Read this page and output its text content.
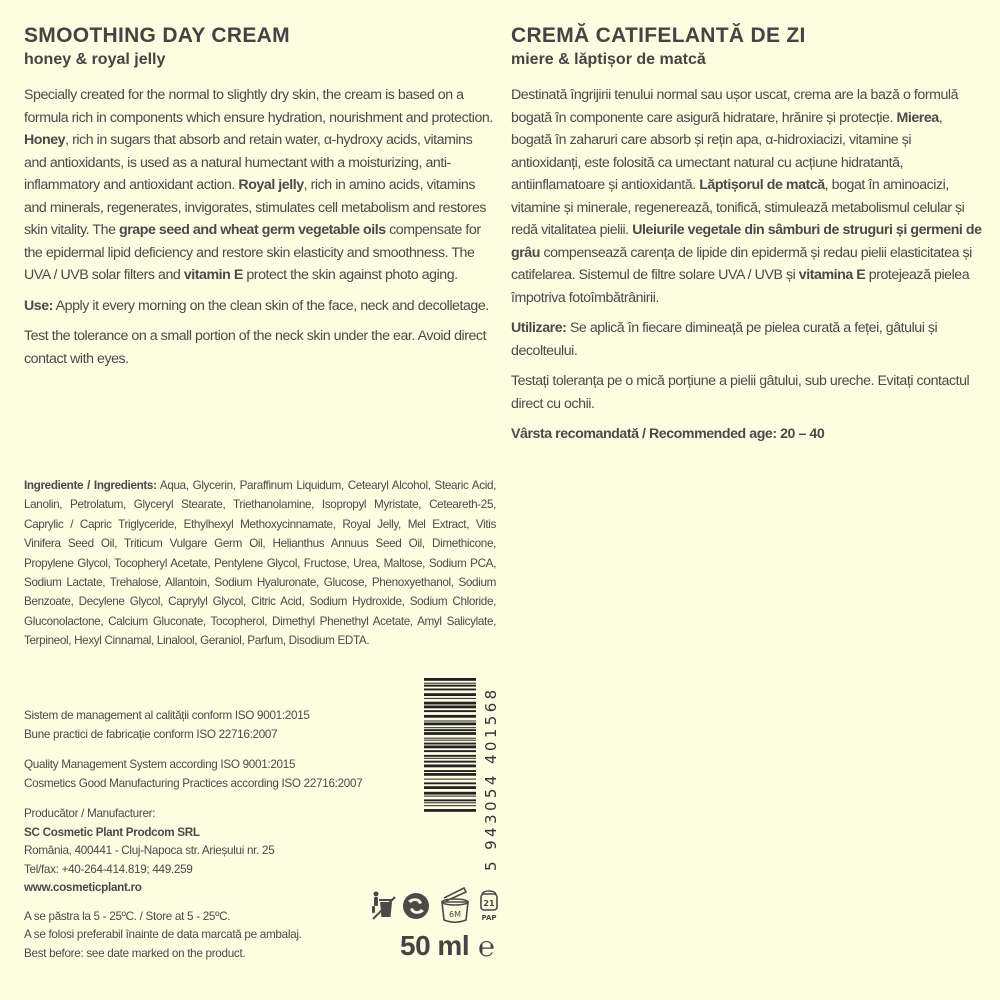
SMOOTHING DAY CREAM
honey & royal jelly

Specially created for the normal to slightly dry skin, the cream is based on a formula rich in components which ensure hydration, nourishment and protection. Honey, rich in sugars that absorb and retain water, α-hydroxy acids, vitamins and antioxidants, is used as a natural humectant with a moisturizing, anti-inflammatory and antioxidant action. Royal jelly, rich in amino acids, vitamins and minerals, regenerates, invigorates, stimulates cell metabolism and restores skin vitality. The grape seed and wheat germ vegetable oils compensate for the epidermal lipid deficiency and restore skin elasticity and smoothness. The UVA / UVB solar filters and vitamin E protect the skin against photo aging.

Use: Apply it every morning on the clean skin of the face, neck and decolletage.

Test the tolerance on a small portion of the neck skin under the ear. Avoid direct contact with eyes.

CREMĂ CATIFELANTĂ DE ZI
miere & lăptișor de matcă

Destinată îngrijirii tenului normal sau ușor uscat, crema are la bază o formulă bogată în componente care asigură hidratare, hrănire și protecție. Mierea, bogată în zaharuri care absorb și rețin apa, α-hidroxiacizi, vitamine și antioxidanți, este folosită ca umectant natural cu acțiune hidratantă, antiinflamatoare și antioxidantă. Lăptișorul de matcă, bogat în aminoacizi, vitamine și minerale, regenerează, tonifică, stimulează metabolismul celular și redă vitalitatea pielii. Uleiurile vegetale din sâmburi de struguri și germeni de grâu compensează carența de lipide din epidermă și redau pielii elasticitatea și catifelarea. Sistemul de filtre solare UVA / UVB și vitamina E protejează pielea împotriva fotoîmbătrânirii.

Utilizare: Se aplică în fiecare dimineață pe pielea curată a feței, gâtului și decolteului.

Testați toleranța pe o mică porțiune a pielii gâtului, sub ureche. Evitați contactul direct cu ochii.

Vârsta recomandată / Recommended age: 20 – 40

Ingrediente / Ingredients: Aqua, Glycerin, Paraffinum Liquidum, Cetearyl Alcohol, Stearic Acid, Lanolin, Petrolatum, Glyceryl Stearate, Triethanolamine, Isopropyl Myristate, Ceteareth-25, Caprylic / Capric Triglyceride, Ethylhexyl Methoxycinnamate, Royal Jelly, Mel Extract, Vitis Vinifera Seed Oil, Triticum Vulgare Germ Oil, Helianthus Annuus Seed Oil, Dimethicone, Propylene Glycol, Tocopheryl Acetate, Pentylene Glycol, Fructose, Urea, Maltose, Sodium PCA, Sodium Lactate, Trehalose, Allantoin, Sodium Hyaluronate, Glucose, Phenoxyethanol, Sodium Benzoate, Decylene Glycol, Caprylyl Glycol, Citric Acid, Sodium Hydroxide, Sodium Chloride, Gluconolactone, Calcium Gluconate, Tocopherol, Dimethyl Phenethyl Acetate, Amyl Salicylate, Terpineol, Hexyl Cinnamal, Linalool, Geraniol, Parfum, Disodium EDTA.

Sistem de management al calității conform ISO 9001:2015

Bune practici de fabricație conform ISO 22716:2007

Quality Management System according ISO 9001:2015

Cosmetics Good Manufacturing Practices according ISO 22716:2007

Producător / Manufacturer:

SC Cosmetic Plant Prodcom SRL

România, 400441 - Cluj-Napoca str. Arieșului nr. 25

Tel/fax: +40-264-414.819; 449.259

www.cosmeticplant.ro

A se păstra la 5 - 25ºC. / Store at 5 - 25ºC.

A se folosi preferabil înainte de data marcată pe ambalaj.

Best before: see date marked on the product.

5 943054 401568
6M
21
PAP
50 ml ℮
